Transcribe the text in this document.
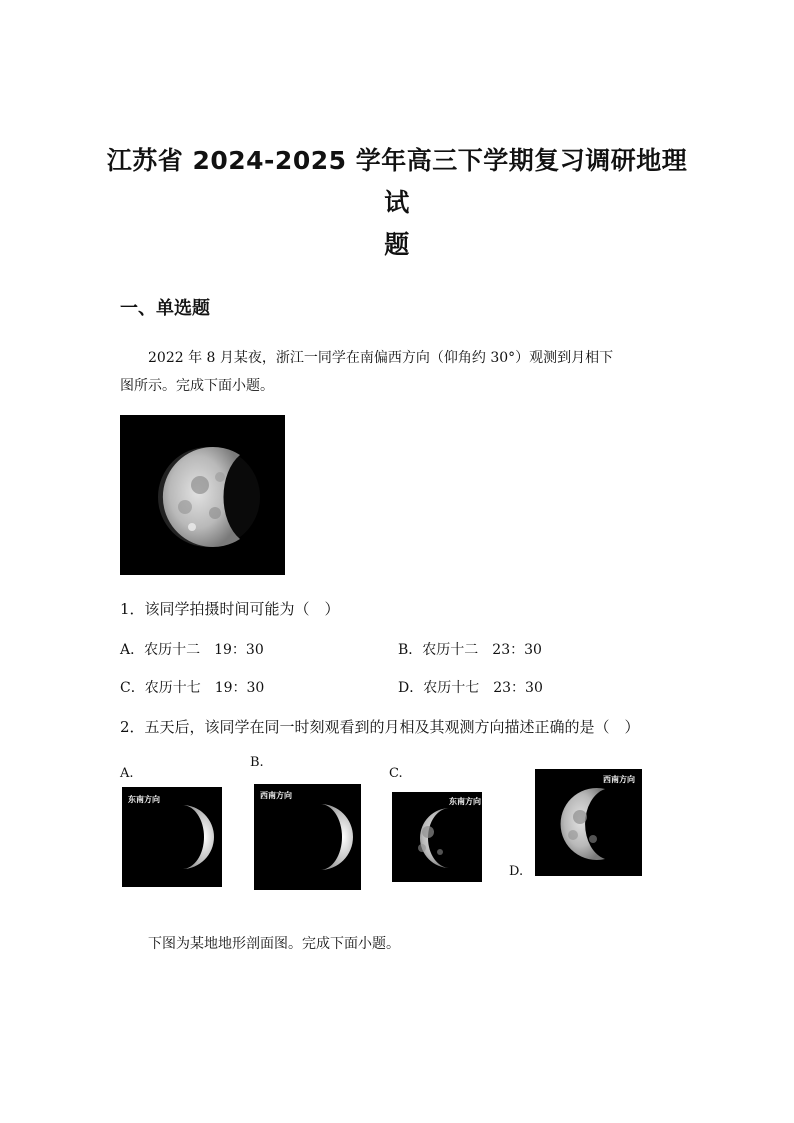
江苏省 2024-2025 学年高三下学期复习调研地理试
题
一、单选题
2022 年 8 月某夜，浙江一同学在南偏西方向（仰角约 30°）观测到月相下
图所示。完成下面小题。
1．该同学拍摄时间可能为（　）
A．农历十二　19：30	B．农历十二　23：30
C．农历十七　19：30	D．农历十七　23：30
2．五天后，该同学在同一时刻观看到的月相及其观测方向描述正确的是（　）
A.
东南方向
B.
西南方向
C.
东南方向
西南方向
D.
下图为某地地形剖面图。完成下面小题。
